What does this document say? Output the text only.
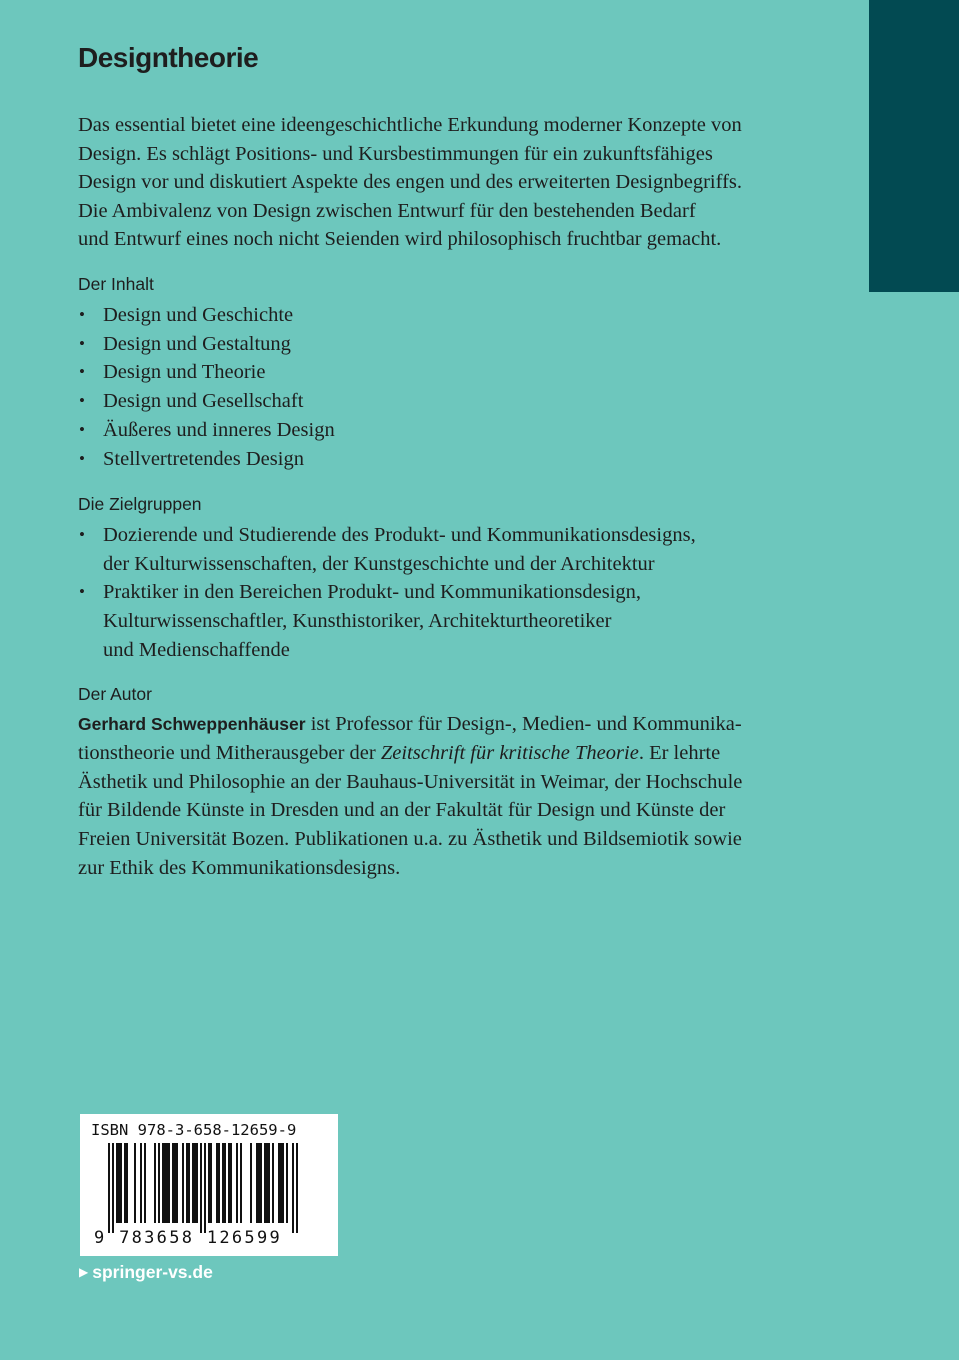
Designtheorie

Das essential bietet eine ideengeschichtliche Erkundung moderner Konzepte von
Design. Es schlägt Positions- und Kursbestimmungen für ein zukunftsfähiges
Design vor und diskutiert Aspekte des engen und des erweiterten Designbegriffs.
Die Ambivalenz von Design zwischen Entwurf für den bestehenden Bedarf
und Entwurf eines noch nicht Seienden wird philosophisch fruchtbar gemacht.

Der Inhalt
• Design und Geschichte
• Design und Gestaltung
• Design und Theorie
• Design und Gesellschaft
• Äußeres und inneres Design
• Stellvertretendes Design
Die Zielgruppen
• Dozierende und Studierende des Produkt- und Kommunikationsdesigns,
der Kulturwissenschaften, der Kunstgeschichte und der Architektur
• Praktiker in den Bereichen Produkt- und Kommunikationsdesign,
Kulturwissenschaftler, Kunsthistoriker, Architekturtheoretiker
und Medienschaffende
Der Autor

Gerhard Schweppenhäuser ist Professor für Design-, Medien- und Kommunika-
tionstheorie und Mitherausgeber der Zeitschrift für kritische Theorie. Er lehrte
Ästhetik und Philosophie an der Bauhaus-Universität in Weimar, der Hochschule
für Bildende Künste in Dresden und an der Fakultät für Design und Künste der
Freien Universität Bozen. Publikationen u.a. zu Ästhetik und Bildsemiotik sowie
zur Ethik des Kommunikationsdesigns.

ISBN 978-3-658-12659-9
9 783658 126599
▶ springer-vs.de
